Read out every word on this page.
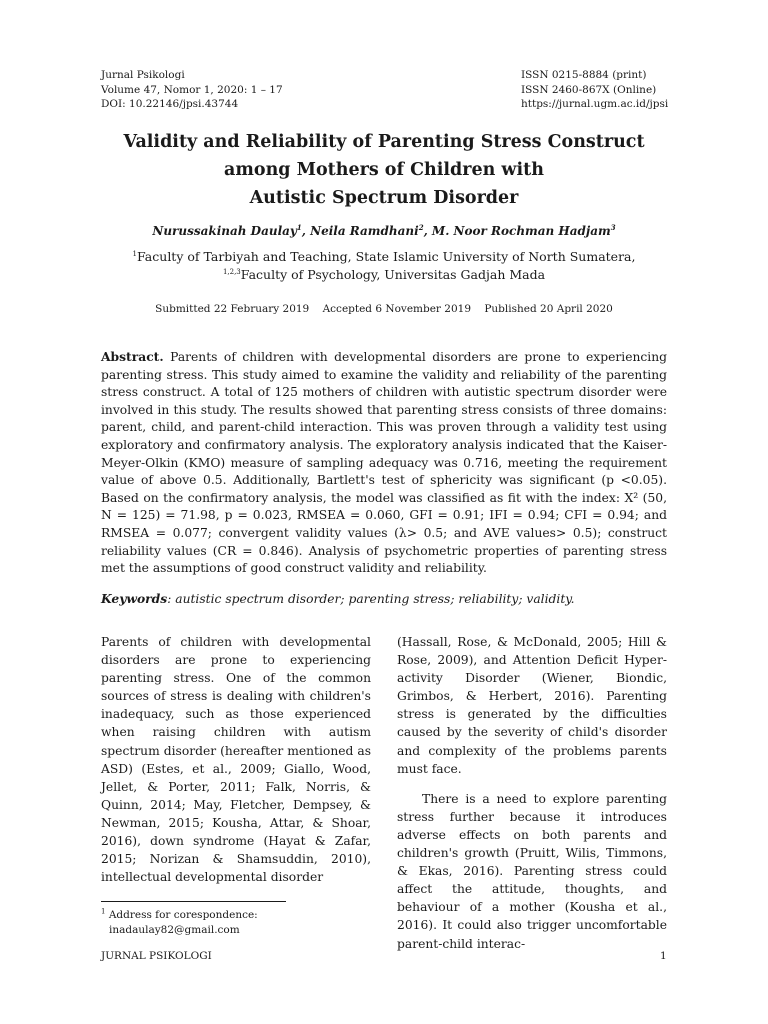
Jurnal Psikologi
Volume 47, Nomor 1, 2020: 1 – 17
DOI: 10.22146/jpsi.43744
ISSN 0215-8884 (print)
ISSN 2460-867X (Online)
https://jurnal.ugm.ac.id/jpsi
Validity and Reliability of Parenting Stress Construct
among Mothers of Children with
Autistic Spectrum Disorder
Nurussakinah Daulay$^1$, Neila Ramdhani$^2$, M. Noor Rochman Hadjam$^3$
$^1$Faculty of Tarbiyah and Teaching, State Islamic University of North Sumatera,
$^{1,2,3}$Faculty of Psychology, Universitas Gadjah Mada
Submitted 22 February 2019 Accepted 6 November 2019 Published 20 April 2020
Abstract. Parents of children with developmental disorders are prone to experiencing parenting stress. This study aimed to examine the validity and reliability of the parenting stress construct. A total of 125 mothers of children with autistic spectrum disorder were involved in this study. The results showed that parenting stress consists of three domains: parent, child, and parent-child interaction. This was proven through a validity test using exploratory and confirmatory analysis. The exploratory analysis indicated that the Kaiser-Meyer-Olkin (KMO) measure of sampling adequacy was 0.716, meeting the requirement value of above 0.5. Additionally, Bartlett's test of sphericity was significant (p <0.05). Based on the confirmatory analysis, the model was classified as fit with the index: X² (50, N = 125) = 71.98, p = 0.023, RMSEA = 0.060, GFI = 0.91; IFI = 0.94; CFI = 0.94; and RMSEA = 0.077; convergent validity values (λ> 0.5; and AVE values> 0.5); construct reliability values (CR = 0.846). Analysis of psychometric properties of parenting stress met the assumptions of good construct validity and reliability.
Keywords: autistic spectrum disorder; parenting stress; reliability; validity.

Parents of children with developmental disorders are prone to experiencing parenting stress. One of the common sources of stress is dealing with children's inadequacy, such as those experienced when raising children with autism spectrum disorder (hereafter mentioned as ASD) (Estes, et al., 2009; Giallo, Wood, Jellet, & Porter, 2011; Falk, Norris, & Quinn, 2014; May, Fletcher, Dempsey, & Newman, 2015; Kousha, Attar, & Shoar, 2016), down syndrome (Hayat & Zafar, 2015; Norizan & Shamsuddin, 2010), intellectual developmental disorder

(Hassall, Rose, & McDonald, 2005; Hill & Rose, 2009), and Attention Deficit Hyper-activity Disorder (Wiener, Biondic, Grimbos, & Herbert, 2016). Parenting stress is generated by the difficulties caused by the severity of child's disorder and complexity of the problems parents must face.

There is a need to explore parenting stress further because it introduces adverse effects on both parents and children's growth (Pruitt, Wilis, Timmons, & Ekas, 2016). Parenting stress could affect the attitude, thoughts, and behaviour of a mother (Kousha et al., 2016). It could also trigger uncomfortable parent-child interac-

$^1$ Address for corespondence:
inadaulay82@gmail.com
JURNAL PSIKOLOGI	1
